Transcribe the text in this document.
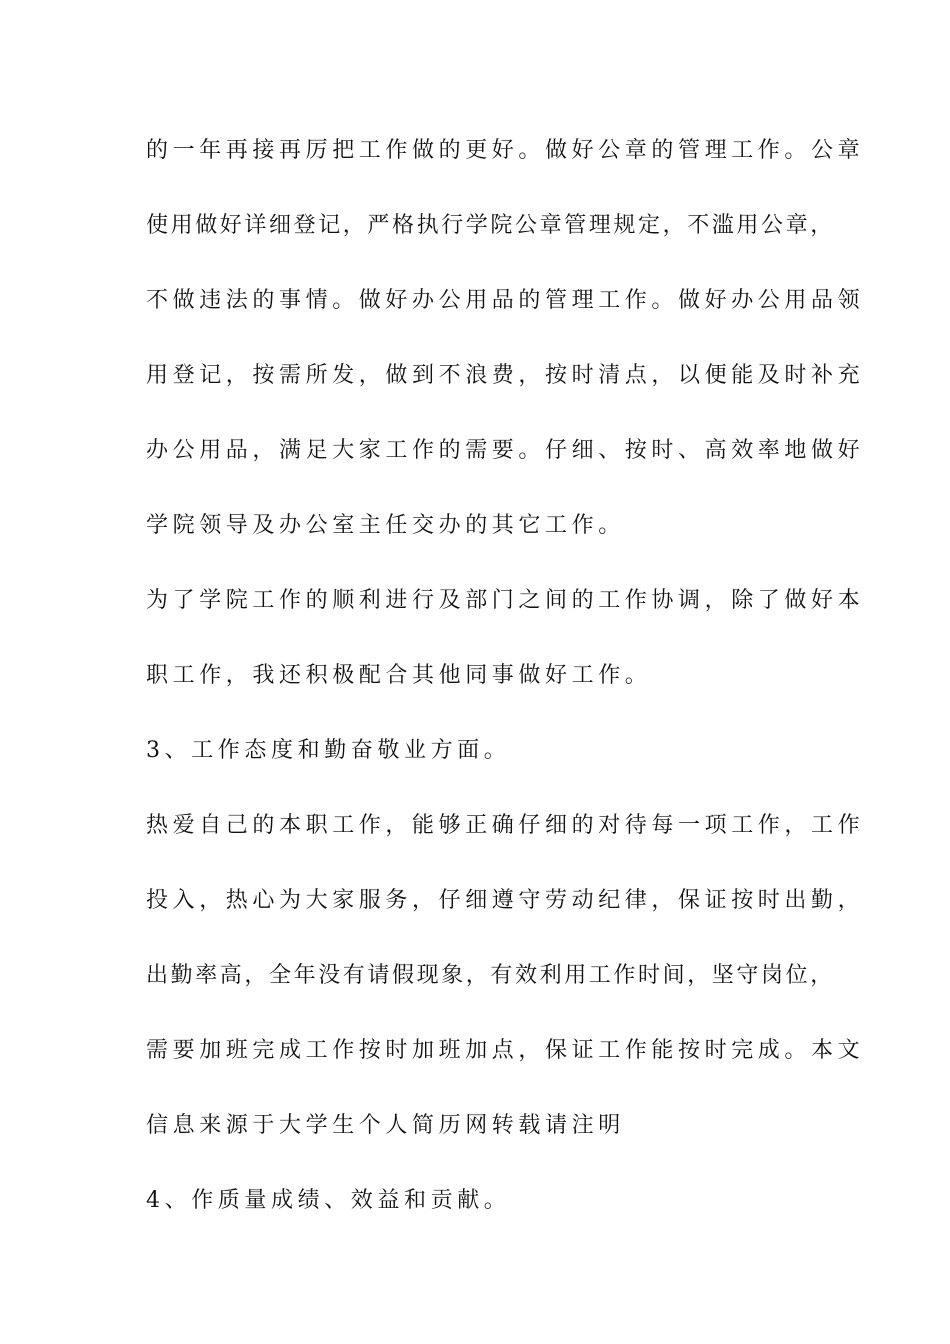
的一年再接再厉把工作做的更好。做好公章的管理工作。公章
使用做好详细登记，严格执行学院公章管理规定，不滥用公章，
不做违法的事情。做好办公用品的管理工作。做好办公用品领
用登记，按需所发，做到不浪费，按时清点，以便能及时补充
办公用品，满足大家工作的需要。仔细、按时、高效率地做好
学院领导及办公室主任交办的其它工作。
为了学院工作的顺利进行及部门之间的工作协调，除了做好本
职工作，我还积极配合其他同事做好工作。
3、工作态度和勤奋敬业方面。
热爱自己的本职工作，能够正确仔细的对待每一项工作，工作
投入，热心为大家服务，仔细遵守劳动纪律，保证按时出勤，
出勤率高，全年没有请假现象，有效利用工作时间，坚守岗位，
需要加班完成工作按时加班加点，保证工作能按时完成。本文
信息来源于大学生个人简历网转载请注明
4、作质量成绩、效益和贡献。
